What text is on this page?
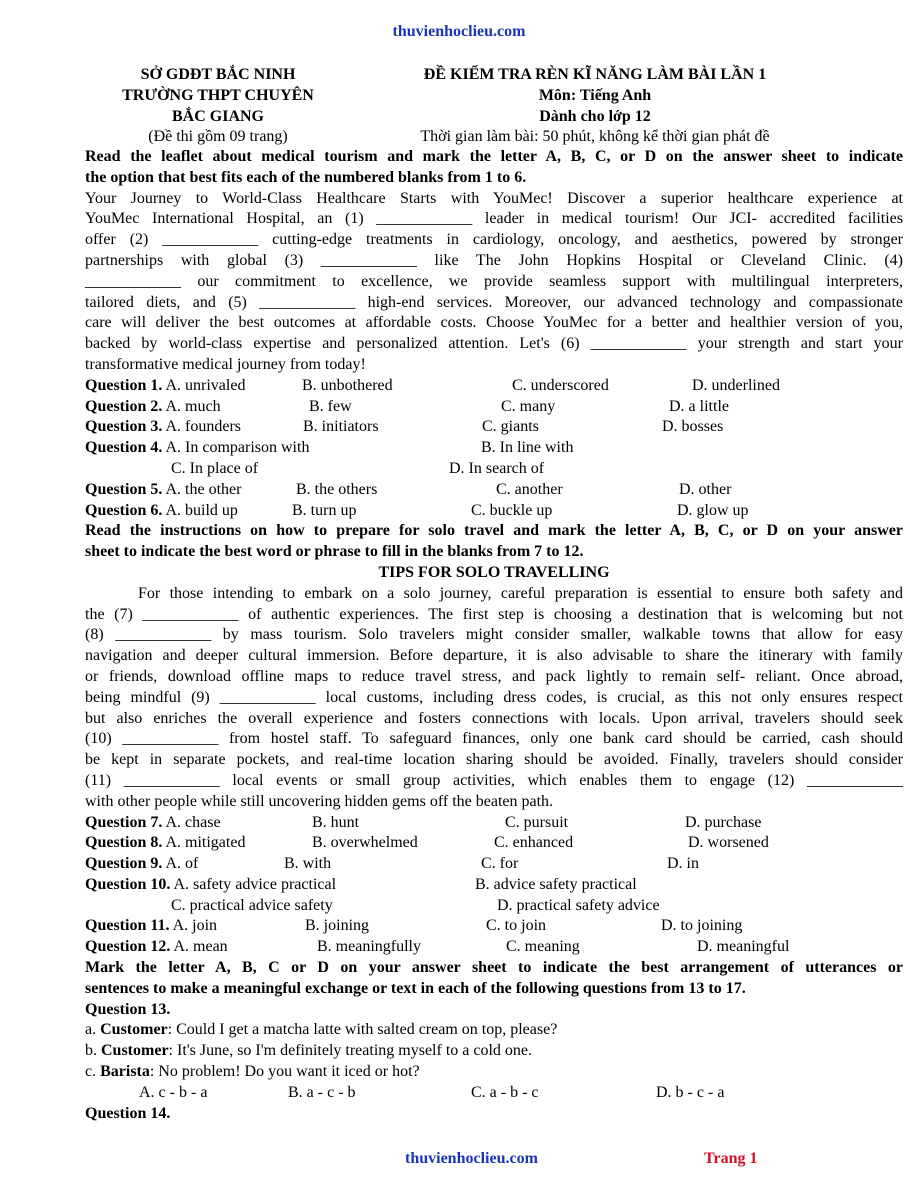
thuvienhoclieu.com
SỞ GDĐT BẮC NINH
TRƯỜNG THPT CHUYÊN
BẮC GIANG
(Đề thi gồm 09 trang)
ĐỀ KIỂM TRA RÈN KĨ NĂNG LÀM BÀI LẦN 1
Môn: Tiếng Anh
Dành cho lớp 12
Thời gian làm bài: 50 phút, không kể thời gian phát đề

Read the leaflet about medical tourism and mark the letter A, B, C, or D on the answer sheet to indicate

the option that best fits each of the numbered blanks from 1 to 6.

Your Journey to World-Class Healthcare Starts with YouMec! Discover a superior healthcare experience at

YouMec International Hospital, an (1) ____________ leader in medical tourism! Our JCI- accredited facilities

offer (2) ____________ cutting-edge treatments in cardiology, oncology, and aesthetics, powered by stronger

partnerships with global (3) ____________ like The John Hopkins Hospital or Cleveland Clinic. (4)

____________ our commitment to excellence, we provide seamless support with multilingual interpreters,

tailored diets, and (5) ____________ high-end services. Moreover, our advanced technology and compassionate

care will deliver the best outcomes at affordable costs. Choose YouMec for a better and healthier version of you,

backed by world-class expertise and personalized attention. Let's (6) ____________ your strength and start your

transformative medical journey from today!

Question 1. A. unrivaled	B. unbothered	C. underscored	D. underlined
Question 2. A. much	B. few	C. many	D. a little
Question 3. A. founders	B. initiators	C. giants	D. bosses
Question 4. A. In comparison with	B. In line with
C. In place of	D. In search of
Question 5. A. the other	B. the others	C. another	D. other
Question 6. A. build up	B. turn up	C. buckle up	D. glow up

Read the instructions on how to prepare for solo travel and mark the letter A, B, C, or D on your answer

sheet to indicate the best word or phrase to fill in the blanks from 7 to 12.

TIPS FOR SOLO TRAVELLING

For those intending to embark on a solo journey, careful preparation is essential to ensure both safety and

the (7) ____________ of authentic experiences. The first step is choosing a destination that is welcoming but not

(8) ____________ by mass tourism. Solo travelers might consider smaller, walkable towns that allow for easy

navigation and deeper cultural immersion. Before departure, it is also advisable to share the itinerary with family

or friends, download offline maps to reduce travel stress, and pack lightly to remain self- reliant. Once abroad,

being mindful (9) ____________ local customs, including dress codes, is crucial, as this not only ensures respect

but also enriches the overall experience and fosters connections with locals. Upon arrival, travelers should seek

(10) ____________ from hostel staff. To safeguard finances, only one bank card should be carried, cash should

be kept in separate pockets, and real-time location sharing should be avoided. Finally, travelers should consider

(11) ____________ local events or small group activities, which enables them to engage (12) ____________

with other people while still uncovering hidden gems off the beaten path.

Question 7. A. chase	B. hunt	C. pursuit	D. purchase
Question 8. A. mitigated	B. overwhelmed	C. enhanced	D. worsened
Question 9. A. of	B. with	C. for	D. in
Question 10. A. safety advice practical	B. advice safety practical
C. practical advice safety	D. practical safety advice
Question 11. A. join	B. joining	C. to join	D. to joining
Question 12. A. mean	B. meaningfully	C. meaning	D. meaningful

Mark the letter A, B, C or D on your answer sheet to indicate the best arrangement of utterances or

sentences to make a meaningful exchange or text in each of the following questions from 13 to 17.

Question 13.

a. Customer: Could I get a matcha latte with salted cream on top, please?

b. Customer: It's June, so I'm definitely treating myself to a cold one.

c. Barista: No problem! Do you want it iced or hot?

A. c - b - a	B. a - c - b	C. a - b - c	D. b - c - a

Question 14.

thuvienhoclieu.com	Trang 1
